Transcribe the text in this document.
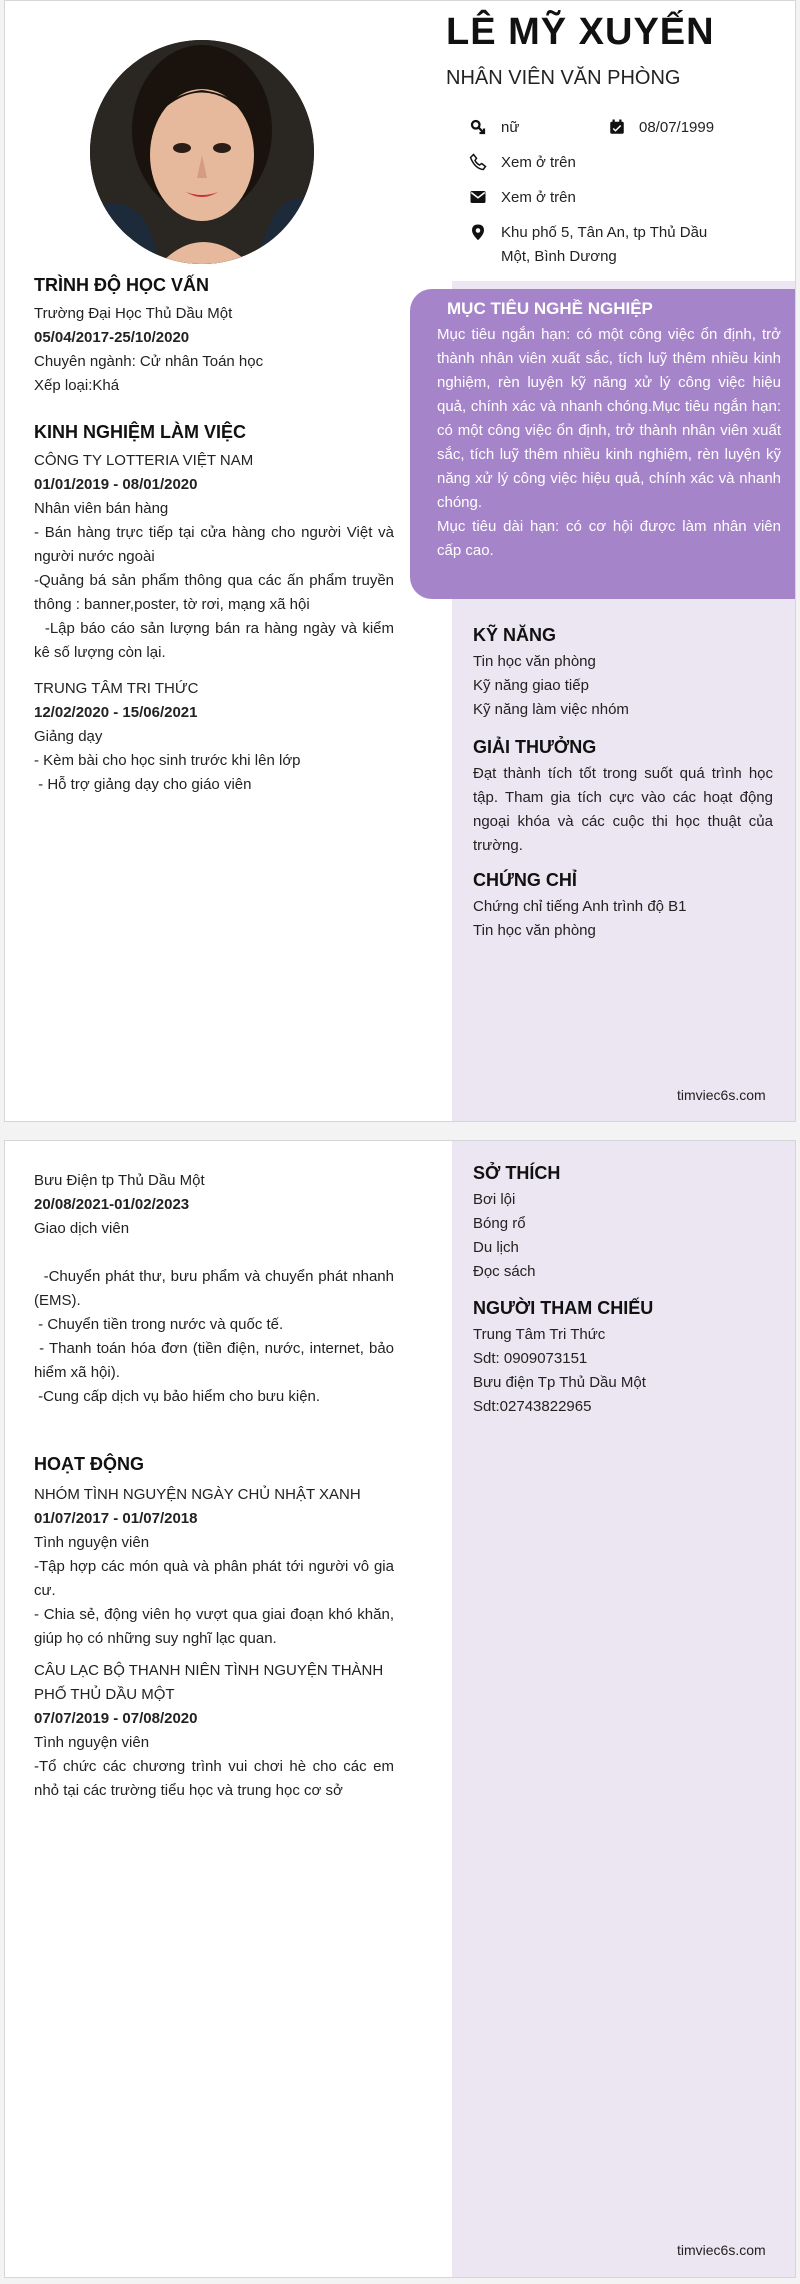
LÊ MỸ XUYẾN
NHÂN VIÊN VĂN PHÒNG
nữ	08/07/1999
Xem ở trên
Xem ở trên
Khu phố 5, Tân An, tp Thủ Dầu
Một, Bình Dương
MỤC TIÊU NGHỀ NGHIỆP

Mục tiêu ngắn hạn: có một công việc ổn định, trở thành nhân viên xuất sắc, tích luỹ thêm nhiều kinh nghiệm, rèn luyện kỹ năng xử lý công việc hiệu quả, chính xác và nhanh chóng.Mục tiêu ngắn hạn: có một công việc ổn định, trở thành nhân viên xuất sắc, tích luỹ thêm nhiều kinh nghiệm, rèn luyện kỹ năng xử lý công việc hiệu quả, chính xác và nhanh chóng.

Mục tiêu dài hạn: có cơ hội được làm nhân viên cấp cao.

TRÌNH ĐỘ HỌC VẤN

Trường Đại Học Thủ Dầu Một

05/04/2017-25/10/2020

Chuyên ngành: Cử nhân Toán học

Xếp loại:Khá

KINH NGHIỆM LÀM VIỆC

CÔNG TY LOTTERIA VIỆT NAM

01/01/2019 - 08/01/2020

Nhân viên bán hàng

- Bán hàng trực tiếp tại cửa hàng cho người Việt và người nước ngoài

-Quảng bá sản phẩm thông qua các ấn phẩm truyền thông : banner,poster, tờ rơi, mạng xã hội

-Lập báo cáo sản lượng bán ra hàng ngày và kiểm kê số lượng còn lại.

TRUNG TÂM TRI THỨC

12/02/2020 - 15/06/2021

Giảng dạy

- Kèm bài cho học sinh trước khi lên lớp

- Hỗ trợ giảng dạy cho giáo viên

KỸ NĂNG

Tin học văn phòng

Kỹ năng giao tiếp

Kỹ năng làm việc nhóm

GIẢI THƯỞNG

Đạt thành tích tốt trong suốt quá trình học tập. Tham gia tích cực vào các hoạt động ngoại khóa và các cuộc thi học thuật của trường.

CHỨNG CHỈ

Chứng chỉ tiếng Anh trình độ B1

Tin học văn phòng

timviec6s.com

Bưu Điện tp Thủ Dầu Một

20/08/2021-01/02/2023

Giao dịch viên

-Chuyển phát thư, bưu phẩm và chuyển phát nhanh (EMS).

- Chuyển tiền trong nước và quốc tế.

- Thanh toán hóa đơn (tiền điện, nước, internet, bảo hiểm xã hội).

-Cung cấp dịch vụ bảo hiểm cho bưu kiện.

HOẠT ĐỘNG

NHÓM TÌNH NGUYỆN NGÀY CHỦ NHẬT XANH

01/07/2017 - 01/07/2018

Tình nguyện viên

-Tập hợp các món quà và phân phát tới người vô gia cư.

- Chia sẻ, động viên họ vượt qua giai đoạn khó khăn, giúp họ có những suy nghĩ lạc quan.

CÂU LẠC BỘ THANH NIÊN TÌNH NGUYỆN THÀNH PHỐ THỦ DẦU MỘT

07/07/2019 - 07/08/2020

Tình nguyện viên

-Tổ chức các chương trình vui chơi hè cho các em nhỏ tại các trường tiểu học và trung học cơ sở

SỞ THÍCH

Bơi lội

Bóng rổ

Du lịch

Đọc sách

NGƯỜI THAM CHIẾU

Trung Tâm Tri Thức

Sdt: 0909073151

Bưu điện Tp Thủ Dầu Một

Sdt:02743822965

timviec6s.com
